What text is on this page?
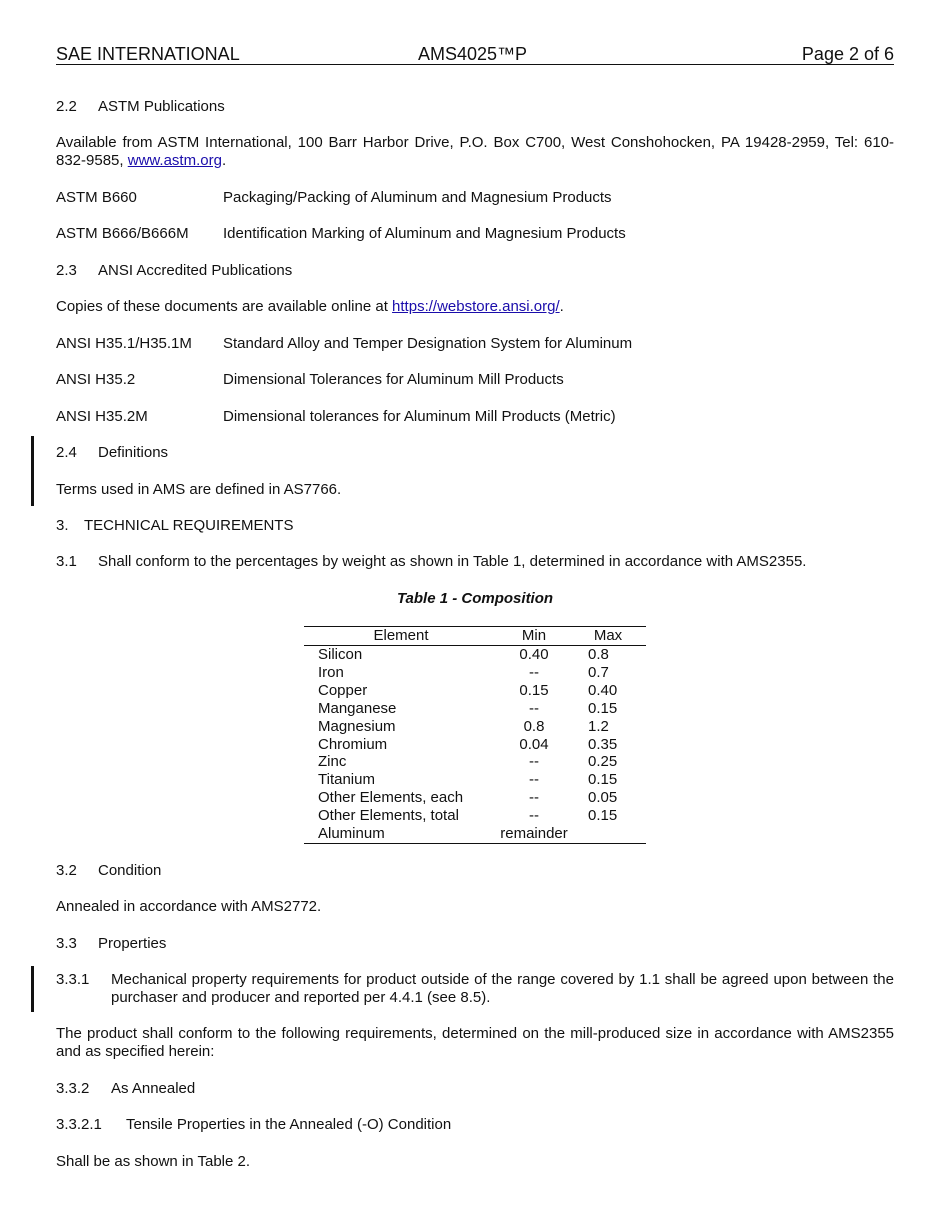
SAE INTERNATIONAL	AMS4025™P	Page 2 of 6
2.2 ASTM Publications
Available from ASTM International, 100 Barr Harbor Drive, P.O. Box C700, West Conshohocken, PA 19428-2959, Tel: 610-832-9585, www.astm.org.
ASTM B660	Packaging/Packing of Aluminum and Magnesium Products
ASTM B666/B666M Identification Marking of Aluminum and Magnesium Products
2.3 ANSI Accredited Publications
Copies of these documents are available online at https://webstore.ansi.org/.
ANSI H35.1/H35.1M Standard Alloy and Temper Designation System for Aluminum
ANSI H35.2	Dimensional Tolerances for Aluminum Mill Products
ANSI H35.2M	Dimensional tolerances for Aluminum Mill Products (Metric)
2.4 Definitions
Terms used in AMS are defined in AS7766.
3. TECHNICAL REQUIREMENTS
3.1 Shall conform to the percentages by weight as shown in Table 1, determined in accordance with AMS2355.
Table 1 - Composition
Element	Min	Max
Silicon	0.40	0.8
Iron	--	0.7
Copper	0.15	0.40
Manganese	--	0.15
Magnesium	0.8	1.2
Chromium	0.04	0.35
Zinc	--	0.25
Titanium	--	0.15
Other Elements, each	--	0.05
Other Elements, total	--	0.15
Aluminum	remainder	
3.2 Condition
Annealed in accordance with AMS2772.
3.3 Properties
3.3.1 Mechanical property requirements for product outside of the range covered by 1.1 shall be agreed upon between the purchaser and producer and reported per 4.4.1 (see 8.5).
The product shall conform to the following requirements, determined on the mill-produced size in accordance with AMS2355 and as specified herein:
3.3.2 As Annealed
3.3.2.1 Tensile Properties in the Annealed (-O) Condition
Shall be as shown in Table 2.
